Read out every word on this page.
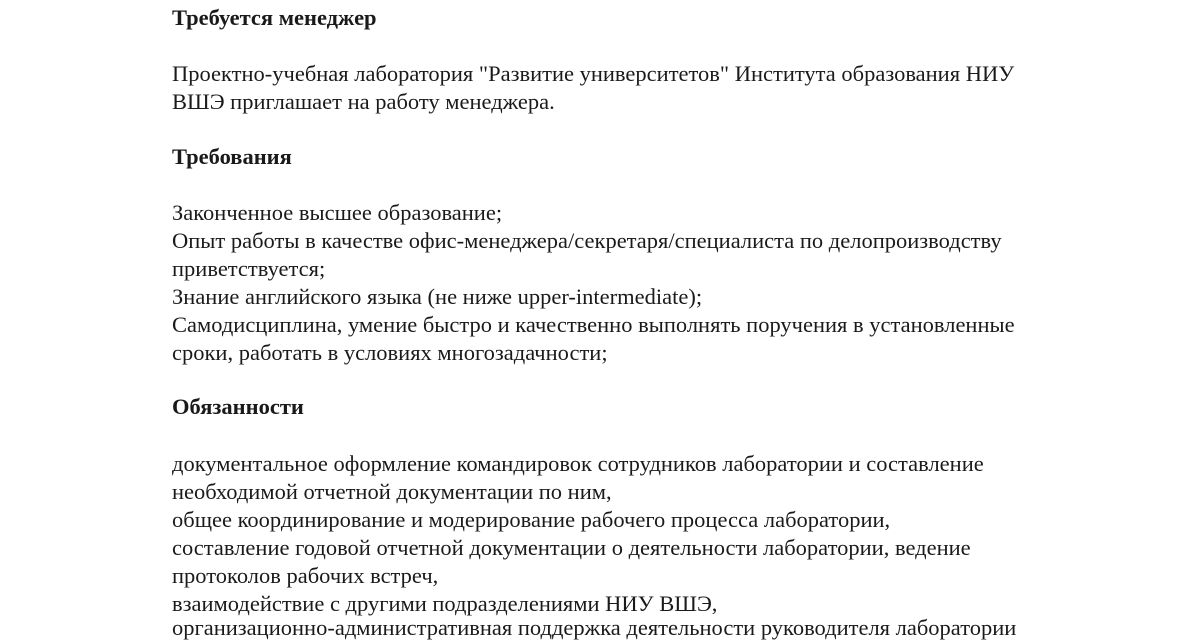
Требуется менеджер
Проектно-учебная лаборатория "Развитие университетов" Института образования НИУ
ВШЭ приглашает на работу менеджера.
Требования
Законченное высшее образование;
Опыт работы в качестве офис-менеджера/секретаря/специалиста по делопроизводству
приветствуется;
Знание английского языка (не ниже upper-intermediate);
Самодисциплина, умение быстро и качественно выполнять поручения в установленные
сроки, работать в условиях многозадачности;
Обязанности
документальное оформление командировок сотрудников лаборатории и составление
необходимой отчетной документации по ним,
общее координирование и модерирование рабочего процесса лаборатории,
составление годовой отчетной документации о деятельности лаборатории, ведение
протоколов рабочих встреч,
взаимодействие с другими подразделениями НИУ ВШЭ,
организационно-административная поддержка деятельности руководителя лаборатории
